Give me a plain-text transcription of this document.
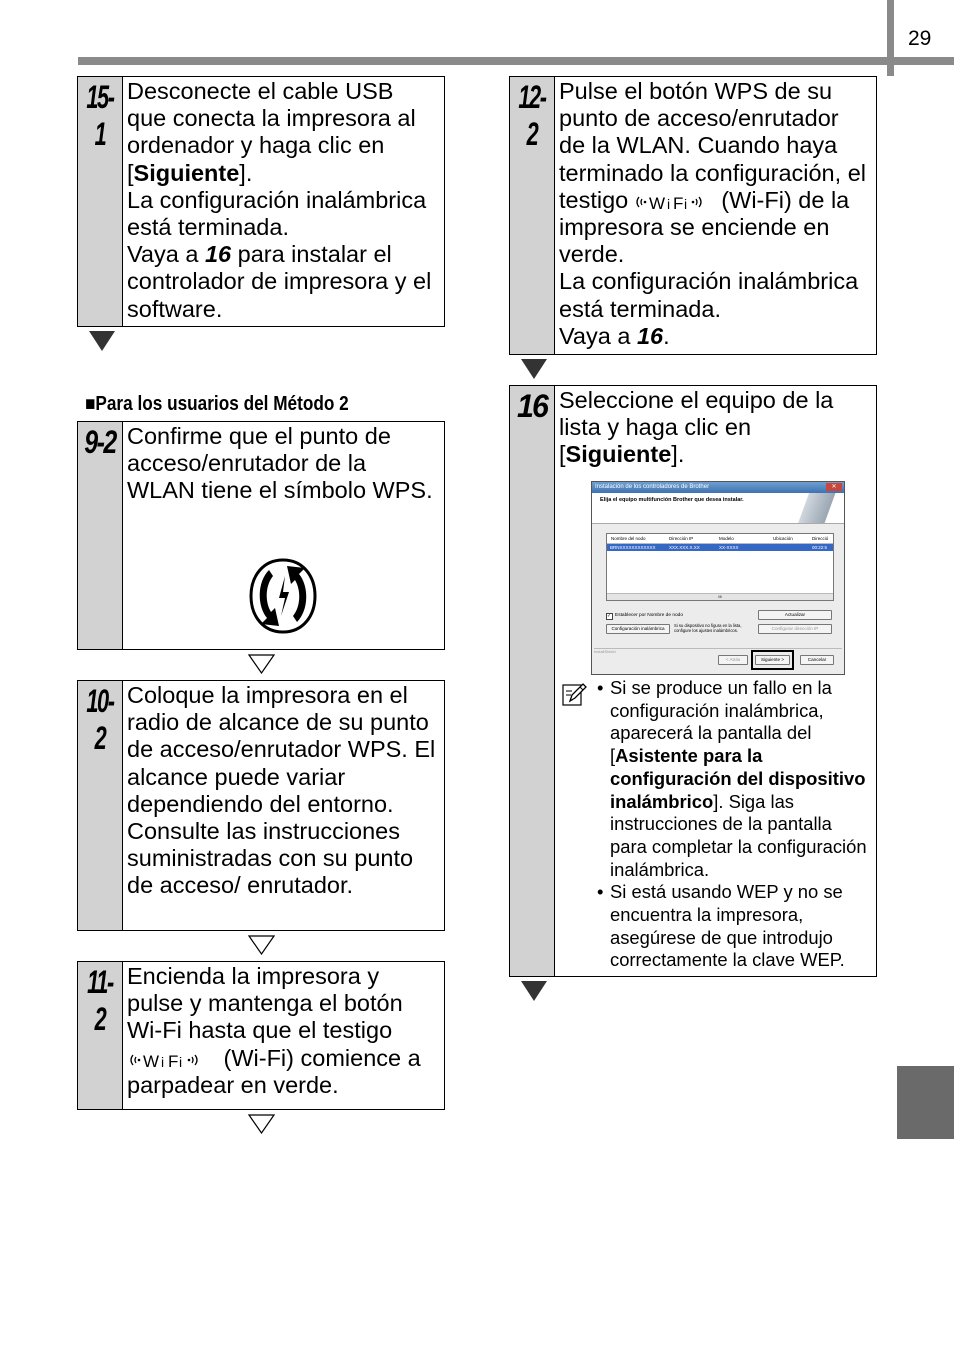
29
15-1

Desconecte el cable USB que conecta la impresora al ordenador y haga clic en [Siguiente].

La configuración inalámbrica está terminada.

Vaya a 16 para instalar el controlador de impresora y el software.

■Para los usuarios del Método 2
9-2 Confirme que el punto de acceso/enrutador de la WLAN tiene el símbolo WPS.

10-2

Coloque la impresora en el radio de alcance de su punto de acceso/enrutador WPS. El alcance puede variar dependiendo del entorno. Consulte las instrucciones suministradas con su punto de acceso/ enrutador.

11-2

Encienda la impresora y pulse y mantenga el botón Wi-Fi hasta que el testigo

W i F i (Wi-Fi) comience a parpadear en verde.

12-2

Pulse el botón WPS de su punto de acceso/enrutador de la WLAN. Cuando haya terminado la configuración, el testigo W i F i (Wi-Fi) de la impresora se enciende en verde.

La configuración inalámbrica está terminada.

Vaya a 16.

16 Seleccione el equipo de la lista y haga clic en [Siguiente].

Instalación de los controladores de Brother	✕
Elija el equipo multifunción Brother que desea instalar.
Nombre del nodo	Dirección IP	Modelo	Ubicación	Direcció
BRNXXXXXXXXXXXX	XXX.XXX.X.XX	XX-XXXX	00:22:5
III
✓ Establecer por Nombre de nodo
Configuración inalámbrica
Si su dispositivo no figura en la lista, configure los ajustes inalámbricos.
Actualizar
Configurar dirección IP
InstallShield
< Atrás	Siguiente >	Cancelar
• Si se produce un fallo en la configuración inalámbrica, aparecerá la pantalla del [Asistente para la configuración del dispositivo inalámbrico]. Siga las instrucciones de la pantalla para completar la configuración inalámbrica.
• Si está usando WEP y no se encuentra la impresora, asegúrese de que introdujo correctamente la clave WEP.
